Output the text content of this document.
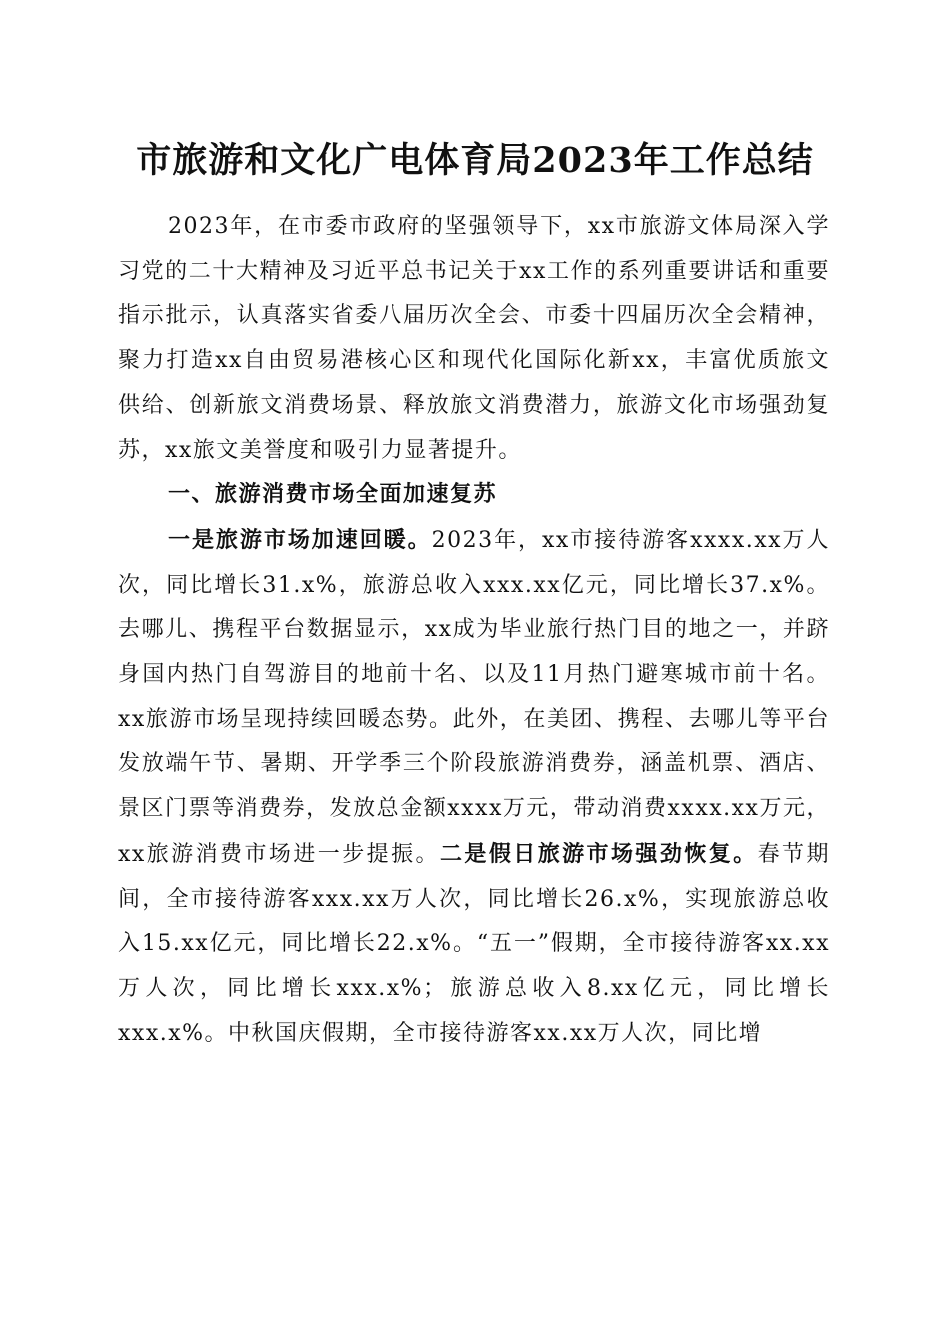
市旅游和文化广电体育局2023年工作总结

2023年，在市委市政府的坚强领导下，xx市旅游文体局深入学习党的二十大精神及习近平总书记关于xx工作的系列重要讲话和重要指示批示，认真落实省委八届历次全会、市委十四届历次全会精神，聚力打造xx自由贸易港核心区和现代化国际化新xx，丰富优质旅文供给、创新旅文消费场景、释放旅文消费潜力，旅游文化市场强劲复苏，xx旅文美誉度和吸引力显著提升。

一、旅游消费市场全面加速复苏

一是旅游市场加速回暖。2023年，xx市接待游客xxxx.xx万人次，同比增长31.x%，旅游总收入xxx.xx亿元，同比增长37.x%。去哪儿、携程平台数据显示，xx成为毕业旅行热门目的地之一，并跻身国内热门自驾游目的地前十名、以及11月热门避寒城市前十名。xx旅游市场呈现持续回暖态势。此外，在美团、携程、去哪儿等平台发放端午节、暑期、开学季三个阶段旅游消费券，涵盖机票、酒店、景区门票等消费券，发放总金额xxxx万元，带动消费xxxx.xx万元，xx旅游消费市场进一步提振。二是假日旅游市场强劲恢复。春节期间，全市接待游客xxx.xx万人次，同比增长26.x%，实现旅游总收入15.xx亿元，同比增长22.x%。“五一”假期，全市接待游客xx.xx万人次，同比增长xxx.x%；旅游总收入8.xx亿元，同比增长xxx.x%。中秋国庆假期，全市接待游客xx.xx万人次，同比增
